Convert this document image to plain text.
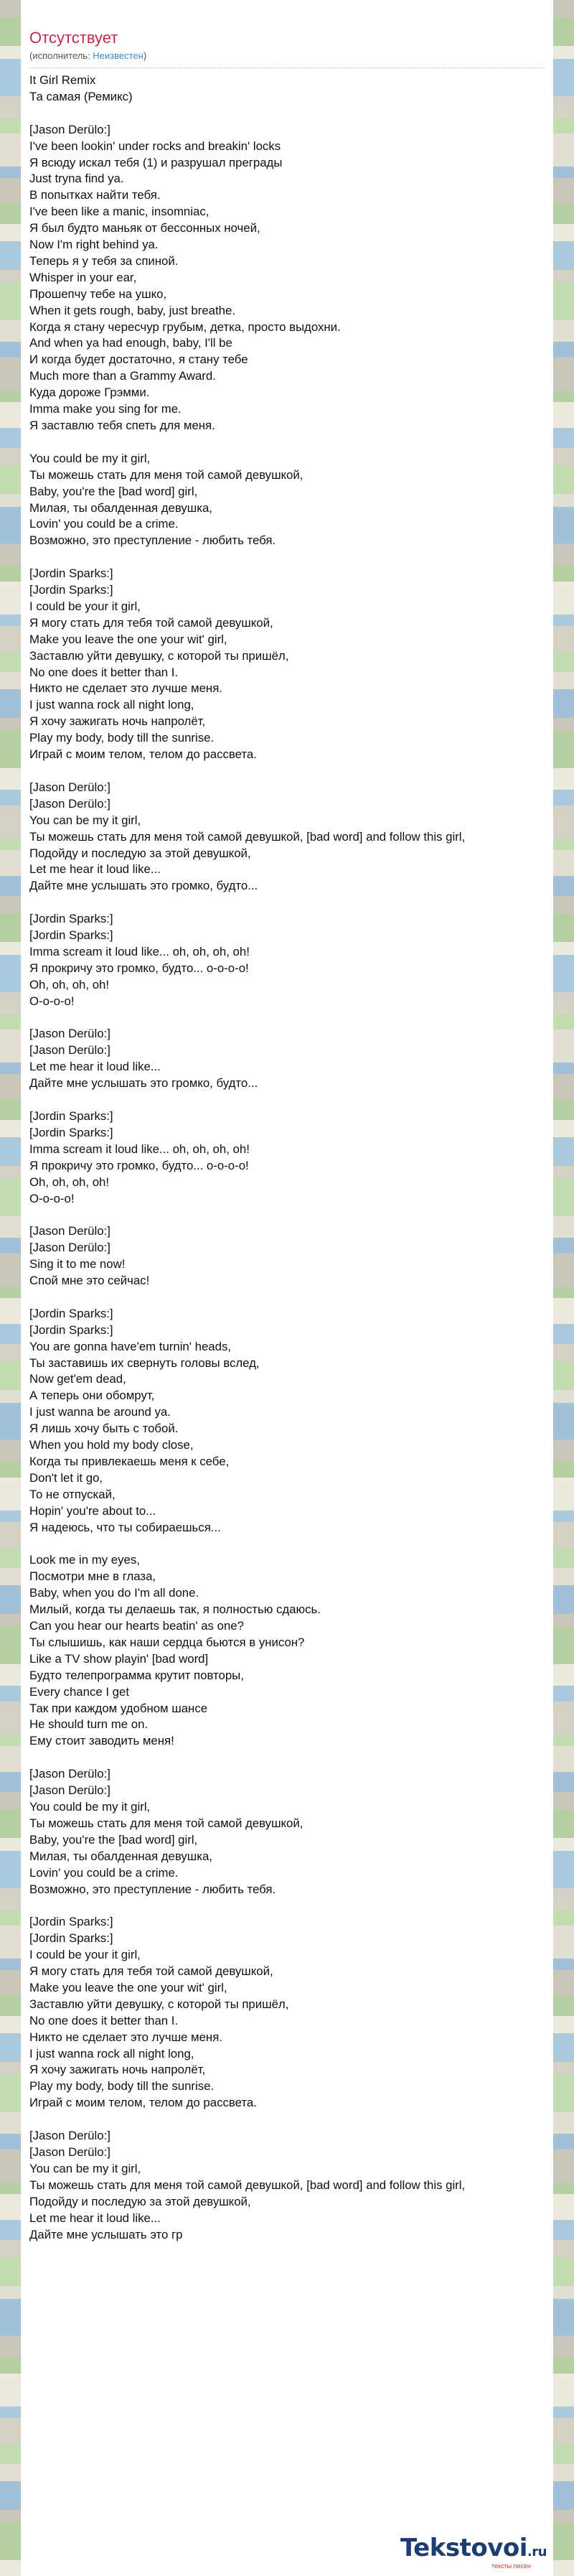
Отсутствует
(исполнитель: Неизвестен)
It Girl Remix
Та самая (Ремикс)
[Jason Derülo:]
I've been lookin' under rocks and breakin' locks
Я всюду искал тебя (1) и разрушал преграды
Just tryna find ya.
В попытках найти тебя.
I've been like a manic, insomniac,
Я был будто маньяк от бессонных ночей,
Now I'm right behind ya.
Теперь я у тебя за спиной.
Whisper in your ear,
Прошепчу тебе на ушко,
When it gets rough, baby, just breathe.
Когда я стану чересчур грубым, детка, просто выдохни.
And when ya had enough, baby, I'll be
И когда будет достаточно, я стану тебе
Much more than a Grammy Award.
Куда дороже Грэмми.
Imma make you sing for me.
Я заставлю тебя спеть для меня.
You could be my it girl,
Ты можешь стать для меня той самой девушкой,
Baby, you're the [bad word] girl,
Милая, ты обалденная девушка,
Lovin' you could be a crime.
Возможно, это преступление - любить тебя.
[Jordin Sparks:]
[Jordin Sparks:]
I could be your it girl,
Я могу стать для тебя той самой девушкой,
Make you leave the one your wit' girl,
Заставлю уйти девушку, с которой ты пришёл,
No one does it better than I.
Никто не сделает это лучше меня.
I just wanna rock all night long,
Я хочу зажигать ночь напролёт,
Play my body, body till the sunrise.
Играй с моим телом, телом до рассвета.
[Jason Derülo:]
[Jason Derülo:]
You can be my it girl,
Ты можешь стать для меня той самой девушкой, [bad word] and follow this girl,
Подойду и последую за этой девушкой,
Let me hear it loud like...
Дайте мне услышать это громко, будто...
[Jordin Sparks:]
[Jordin Sparks:]
Imma scream it loud like... oh, oh, oh, oh!
Я прокричу это громко, будто... о-о-о-о!
Oh, oh, oh, oh!
О-о-о-о!
[Jason Derülo:]
[Jason Derülo:]
Let me hear it loud like...
Дайте мне услышать это громко, будто...
[Jordin Sparks:]
[Jordin Sparks:]
Imma scream it loud like... oh, oh, oh, oh!
Я прокричу это громко, будто... о-о-о-о!
Oh, oh, oh, oh!
О-о-о-о!
[Jason Derülo:]
[Jason Derülo:]
Sing it to me now!
Спой мне это сейчас!
[Jordin Sparks:]
[Jordin Sparks:]
You are gonna have'em turnin' heads,
Ты заставишь их свернуть головы вслед,
Now get'em dead,
А теперь они обомрут,
I just wanna be around ya.
Я лишь хочу быть с тобой.
When you hold my body close,
Когда ты привлекаешь меня к себе,
Don't let it go,
То не отпускай,
Hopin' you're about to...
Я надеюсь, что ты собираешься...
Look me in my eyes,
Посмотри мне в глаза,
Baby, when you do I'm all done.
Милый, когда ты делаешь так, я полностью сдаюсь.
Can you hear our hearts beatin' as one?
Ты слышишь, как наши сердца бьются в унисон?
Like a TV show playin' [bad word]
Будто телепрограмма крутит повторы,
Every chance I get
Так при каждом удобном шансе
He should turn me on.
Ему стоит заводить меня!
[Jason Derülo:]
[Jason Derülo:]
You could be my it girl,
Ты можешь стать для меня той самой девушкой,
Baby, you're the [bad word] girl,
Милая, ты обалденная девушка,
Lovin' you could be a crime.
Возможно, это преступление - любить тебя.
[Jordin Sparks:]
[Jordin Sparks:]
I could be your it girl,
Я могу стать для тебя той самой девушкой,
Make you leave the one your wit' girl,
Заставлю уйти девушку, с которой ты пришёл,
No one does it better than I.
Никто не сделает это лучше меня.
I just wanna rock all night long,
Я хочу зажигать ночь напролёт,
Play my body, body till the sunrise.
Играй с моим телом, телом до рассвета.
[Jason Derülo:]
[Jason Derülo:]
You can be my it girl,
Ты можешь стать для меня той самой девушкой, [bad word] and follow this girl,
Подойду и последую за этой девушкой,
Let me hear it loud like...
Дайте мне услышать это гр
Tekstovoi.ru
тексты песен
